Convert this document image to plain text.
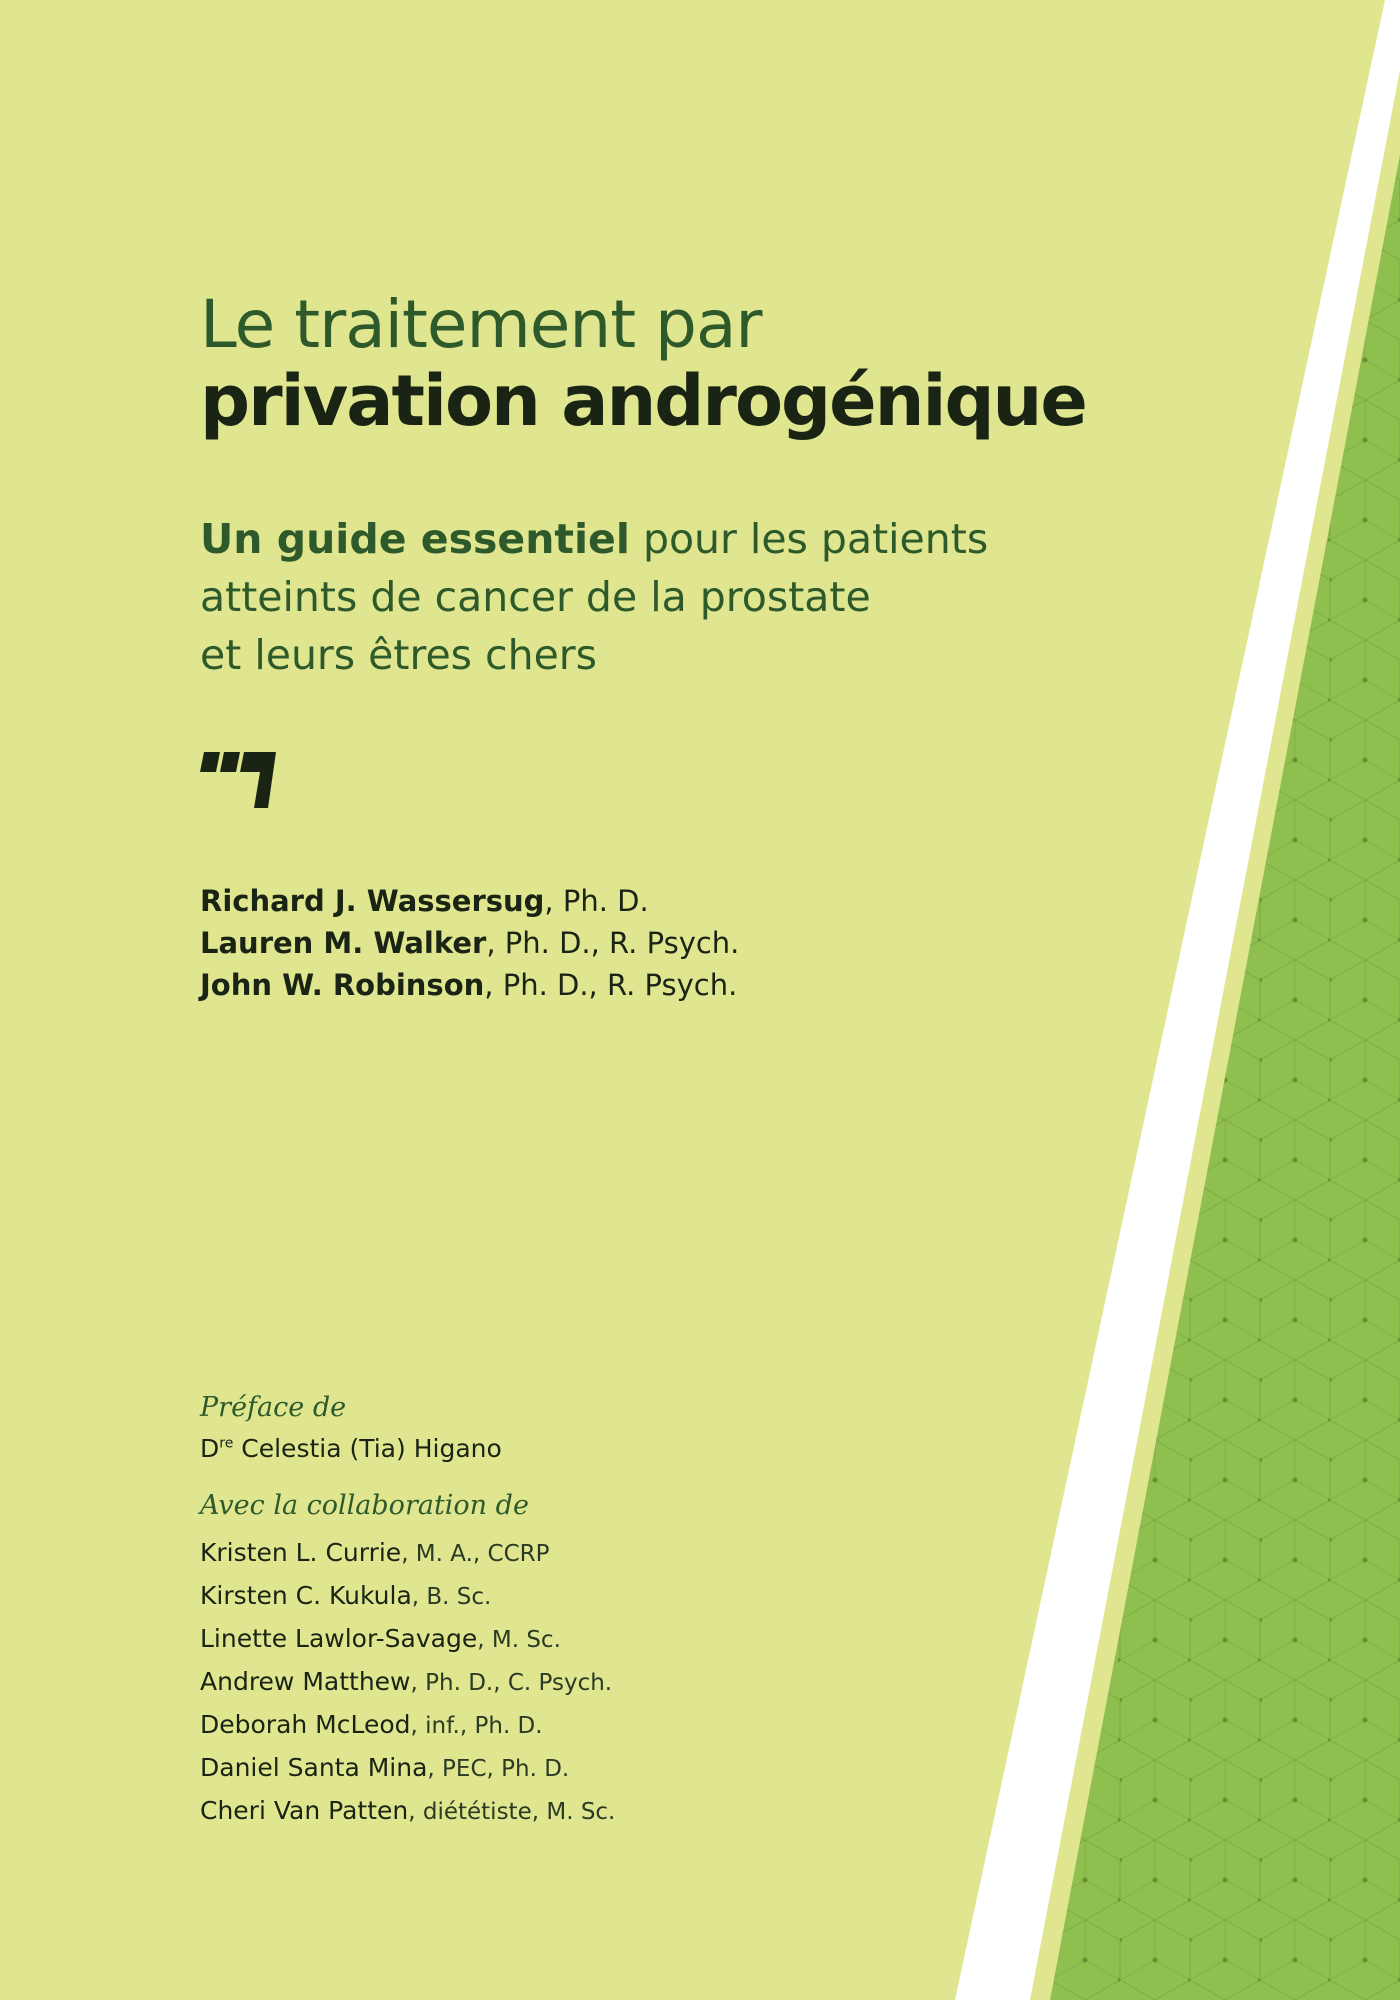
Le traitement par
privation androgénique
Un guide essentiel pour les patients
atteints de cancer de la prostate
et leurs êtres chers
Richard J. Wassersug, Ph. D.
Lauren M. Walker, Ph. D., R. Psych.
John W. Robinson, Ph. D., R. Psych.
Préface de
Dre Celestia (Tia) Higano
Avec la collaboration de
Kristen L. Currie, M. A., CCRP
Kirsten C. Kukula, B. Sc.
Linette Lawlor-Savage, M. Sc.
Andrew Matthew, Ph. D., C. Psych.
Deborah McLeod, inf., Ph. D.
Daniel Santa Mina, PEC, Ph. D.
Cheri Van Patten, diététiste, M. Sc.
